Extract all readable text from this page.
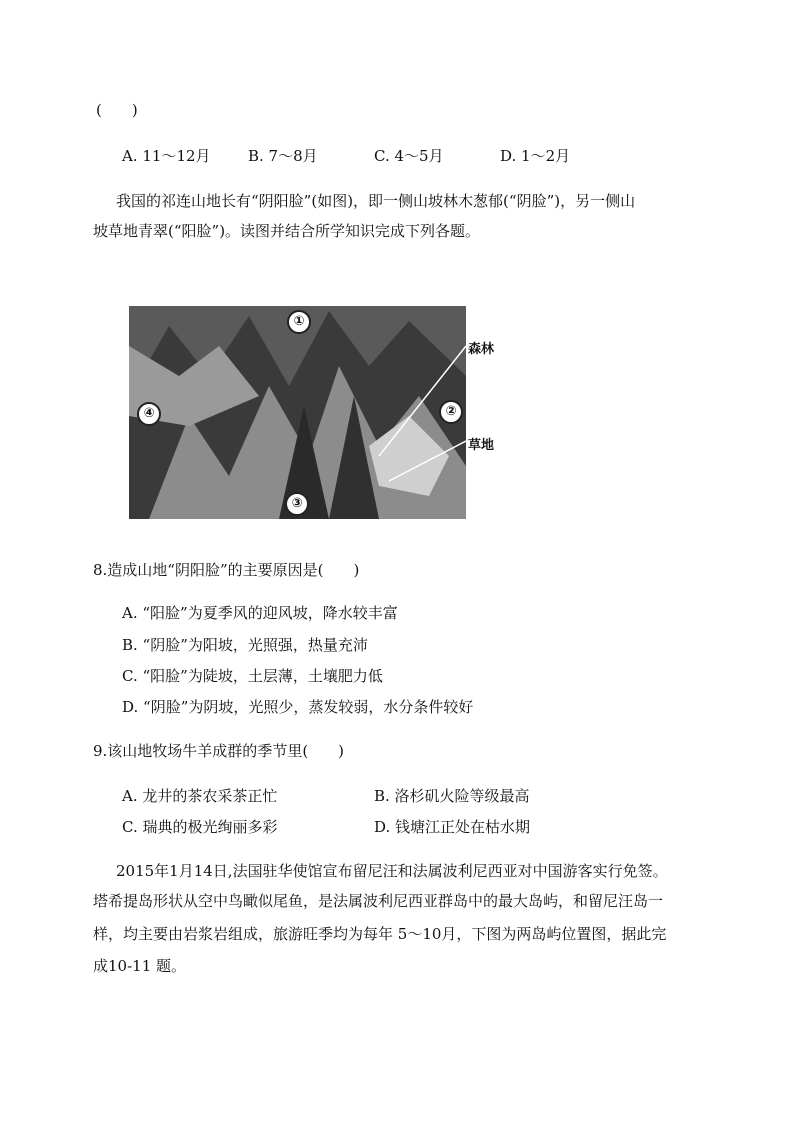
(　　)
A. 11～12月 B. 7～8月	C. 4～5月	D. 1～2月
我国的祁连山地长有“阴阳脸”(如图)，即一侧山坡林木葱郁(“阴脸”)，另一侧山
坡草地青翠(“阳脸”)。读图并结合所学知识完成下列各题。
①
②
③
④
森林
草地
8.造成山地“阴阳脸”的主要原因是(　　)
A. “阳脸”为夏季风的迎风坡，降水较丰富
B. “阴脸”为阳坡，光照强，热量充沛
C. “阳脸”为陡坡，土层薄，土壤肥力低
D. “阴脸”为阴坡，光照少，蒸发较弱，水分条件较好
9.该山地牧场牛羊成群的季节里(　　)
A. 龙井的茶农采茶正忙	B. 洛杉矶火险等级最高
C. 瑞典的极光绚丽多彩	D. 钱塘江正处在枯水期
2015年1月14日,法国驻华使馆宣布留尼汪和法属波利尼西亚对中国游客实行免签。
塔希提岛形状从空中鸟瞰似尾鱼，是法属波利尼西亚群岛中的最大岛屿，和留尼汪岛一
样，均主要由岩浆岩组成，旅游旺季均为每年 5～10月，下图为两岛屿位置图，据此完
成10-11 题。
